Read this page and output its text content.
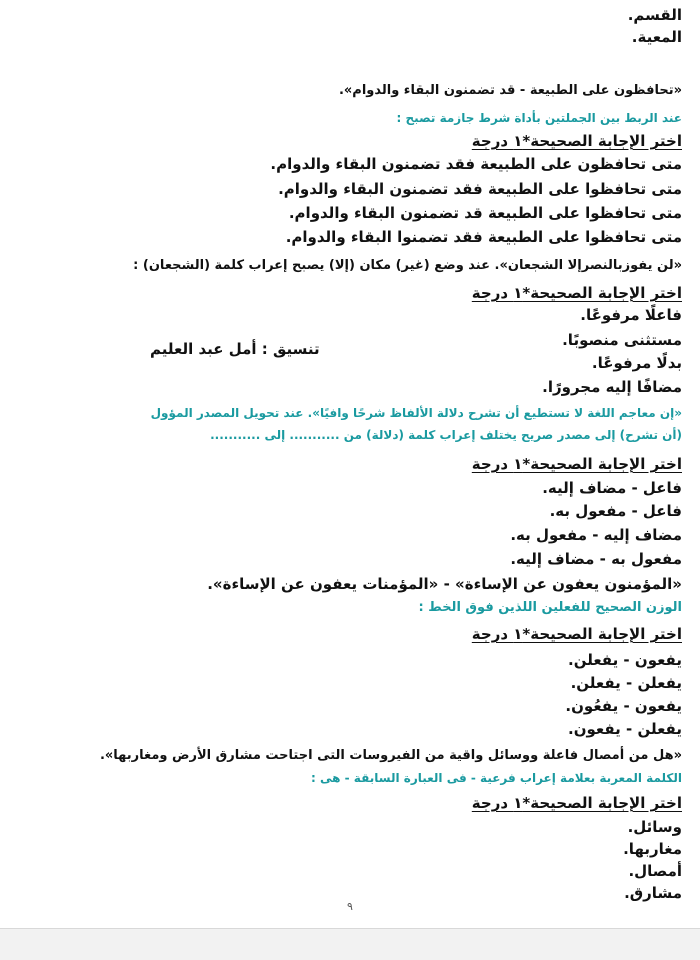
القسم.
المعية.
«تحافظون على الطبيعة - قد تضمنون البقاء والدوام».
عند الربط بين الجملتين بأداة شرط جازمة تصبح :
اختر الإجابة الصحيحة*١ درجة
متى تحافظون على الطبيعة فقد تضمنون البقاء والدوام.
متى تحافظوا على الطبيعة فقد تضمنون البقاء والدوام.
متى تحافظوا على الطبيعة قد تضمنون البقاء والدوام.
متى تحافظوا على الطبيعة فقد تضمنوا البقاء والدوام.
«لن يفوزبالنصرإلا الشجعان». عند وضع (غير) مكان (إلا) يصبح إعراب كلمة (الشجعان) :
اختر الإجابة الصحيحة*١ درجة
فاعلًا مرفوعًا.
مستثنى منصوبًا.
بدلًا مرفوعًا.
مضافًا إليه مجرورًا.
تنسيق : أمل عبد العليم
«إن معاجم اللغة لا تستطيع أن تشرح دلالة الألفاظ شرحًا وافيًا». عند تحويل المصدر المؤول
(أن تشرح) إلى مصدر صريح يختلف إعراب كلمة (دلالة) من ........... إلى ...........
اختر الإجابة الصحيحة*١ درجة
فاعل - مضاف إليه.
فاعل - مفعول به.
مضاف إليه - مفعول به.
مفعول به - مضاف إليه.
«المؤمنون يعفون عن الإساءة» - «المؤمنات يعفون عن الإساءة».
الوزن الصحيح للفعلين اللذين فوق الخط :
اختر الإجابة الصحيحة*١ درجة
يفعون - يفعلن.
يفعلن - يفعلن.
يفعون - يفعُون.
يفعلن - يفعون.
«هل من أمصال فاعلة ووسائل واقية من الفيروسات التى اجتاحت مشارق الأرض ومغاربها».
الكلمة المعربة بعلامة إعراب فرعية - فى العبارة السابقة - هى :
اختر الإجابة الصحيحة*١ درجة
وسائل.
مغاربها.
أمصال.
مشارق.
٩
